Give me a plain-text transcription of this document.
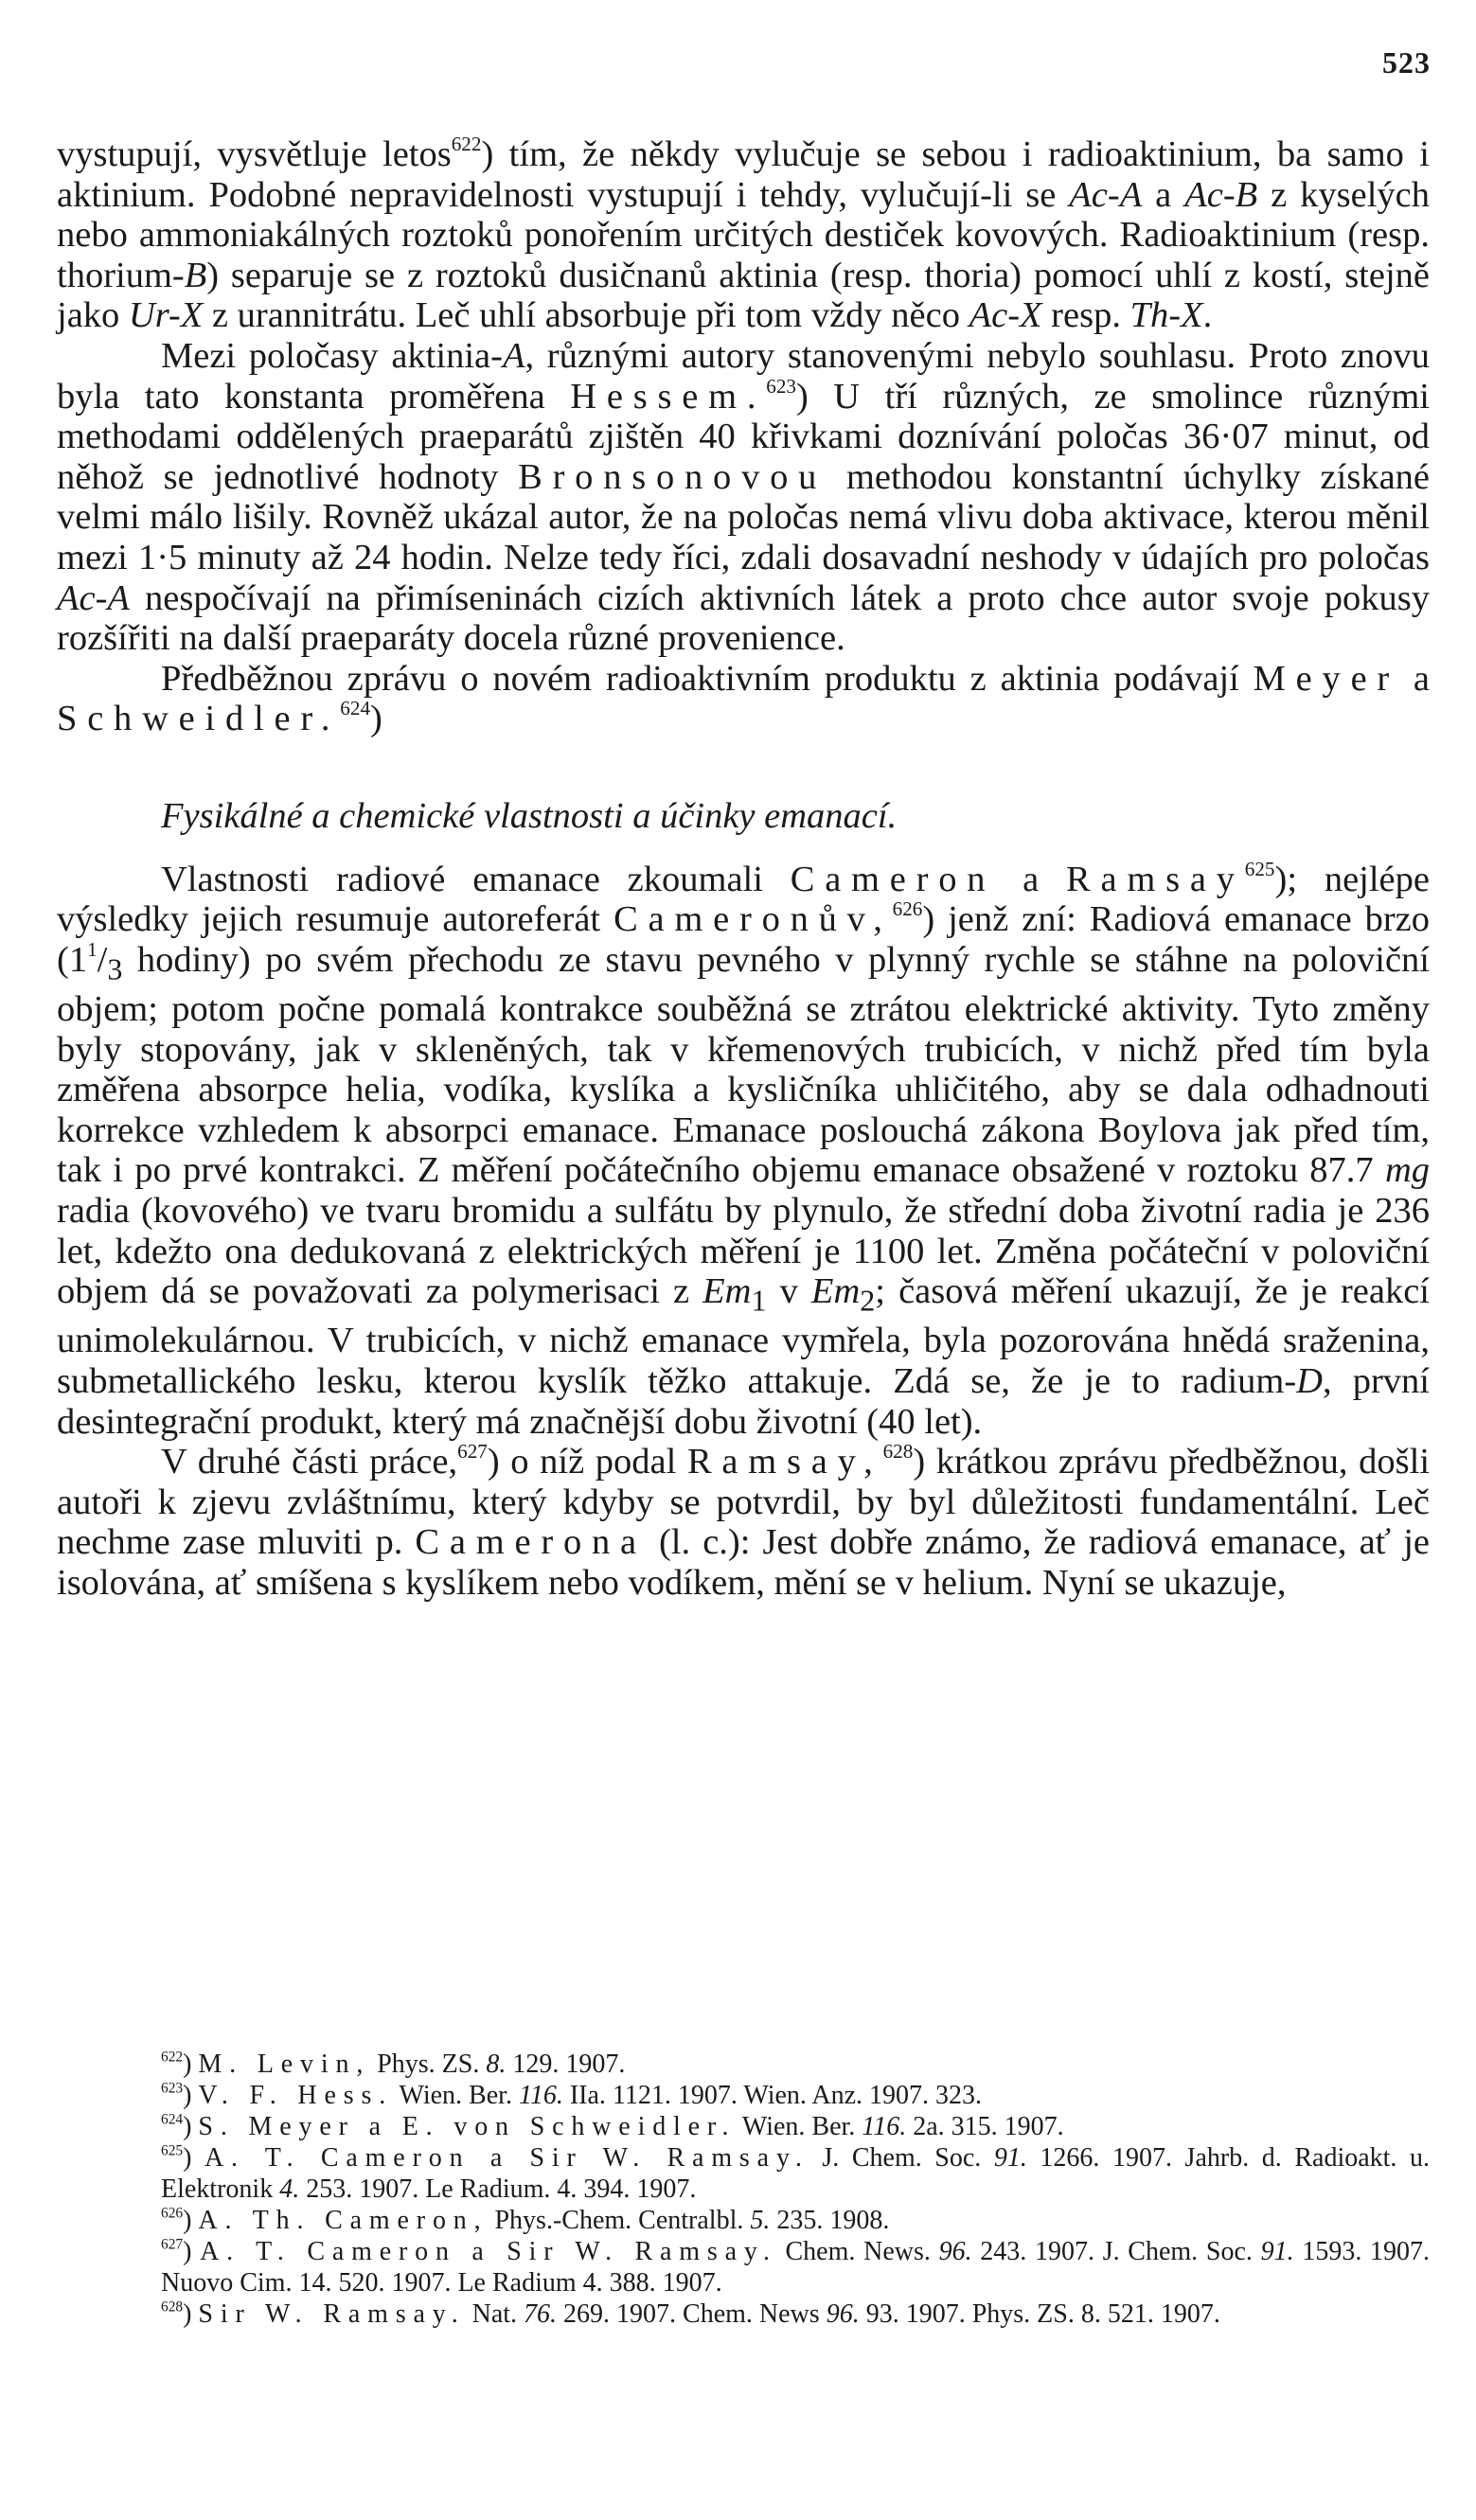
523

vystupují, vysvětluje letos$^{622}$) tím, že někdy vylučuje se sebou i radioaktinium, ba samo i aktinium. Podobné nepravidelnosti vystupují i tehdy, vylučují-li se Ac-A a Ac-B z kyselých nebo ammoniakálných roztoků ponořením určitých destiček kovových. Radioaktinium (resp. thorium-B) separuje se z roztoků dusičnanů aktinia (resp. thoria) pomocí uhlí z kostí, stejně jako Ur-X z urannitrátu. Leč uhlí absorbuje při tom vždy něco Ac-X resp. Th-X.

Mezi poločasy aktinia-A, různými autory stanovenými nebylo souhlasu. Proto znovu byla tato konstanta proměřena Hessem.$^{623}$) U tří různých, ze smolince různými methodami oddělených praeparátů zjištěn 40 křivkami doznívání poločas 36·07 minut, od něhož se jednotlivé hodnoty Bronsonovou methodou konstantní úchylky získané velmi málo lišily. Rovněž ukázal autor, že na poločas nemá vlivu doba aktivace, kterou měnil mezi 1·5 minuty až 24 hodin. Nelze tedy říci, zdali dosavadní neshody v údajích pro poločas Ac-A nespočívají na přimíseninách cizích aktivních látek a proto chce autor svoje pokusy rozšířiti na další praeparáty docela různé provenience.

Předběžnou zprávu o novém radioaktivním produktu z aktinia podávají Meyer a Schweidler.$^{624}$)

Fysikálné a chemické vlastnosti a účinky emanací.

Vlastnosti radiové emanace zkoumali Cameron a Ramsay$^{625}$); nejlépe výsledky jejich resumuje autoreferát Cameronův,$^{626}$) jenž zní: Radiová emanace brzo ($1^1/_3$ hodiny) po svém přechodu ze stavu pevného v plynný rychle se stáhne na poloviční objem; potom počne pomalá kontrakce souběžná se ztrátou elektrické aktivity. Tyto změny byly stopovány, jak v skleněných, tak v křemenových trubicích, v nichž před tím byla změřena absorpce helia, vodíka, kyslíka a kysličníka uhličitého, aby se dala odhadnouti korrekce vzhledem k absorpci emanace. Emanace poslouchá zákona Boylova jak před tím, tak i po prvé kontrakci. Z měření počátečního objemu emanace obsažené v roztoku 87.7 mg radia (kovového) ve tvaru bromidu a sulfátu by plynulo, že střední doba životní radia je 236 let, kdežto ona dedukovaná z elektrických měření je 1100 let. Změna počáteční v poloviční objem dá se považovati za polymerisaci z $Em_1$ v $Em_2$; časová měření ukazují, že je reakcí unimolekulárnou. V trubicích, v nichž emanace vymřela, byla pozorována hnědá sraženina, submetallického lesku, kterou kyslík těžko attakuje. Zdá se, že je to radium-D, první desintegrační produkt, který má značnější dobu životní (40 let).

V druhé části práce,$^{627}$) o níž podal Ramsay,$^{628}$) krátkou zprávu předběžnou, došli autoři k zjevu zvláštnímu, který kdyby se potvrdil, by byl důležitosti fundamentální. Leč nechme zase mluviti p. Camerona (l. c.): Jest dobře známo, že radiová emanace, ať je isolována, ať smíšena s kyslíkem nebo vodíkem, mění se v helium. Nyní se ukazuje,

$^{622}$) M. Levin, Phys. ZS. 8. 129. 1907.

$^{623}$) V. F. Hess. Wien. Ber. 116. IIa. 1121. 1907. Wien. Anz. 1907. 323.

$^{624}$) S. Meyer a E. von Schweidler. Wien. Ber. 116. 2a. 315. 1907.

$^{625}$) A. T. Cameron a Sir W. Ramsay. J. Chem. Soc. 91. 1266. 1907. Jahrb. d. Radioakt. u. Elektronik 4. 253. 1907. Le Radium. 4. 394. 1907.

$^{626}$) A. Th. Cameron, Phys.-Chem. Centralbl. 5. 235. 1908.

$^{627}$) A. T. Cameron a Sir W. Ramsay. Chem. News. 96. 243. 1907. J. Chem. Soc. 91. 1593. 1907. Nuovo Cim. 14. 520. 1907. Le Radium 4. 388. 1907.

$^{628}$) Sir W. Ramsay. Nat. 76. 269. 1907. Chem. News 96. 93. 1907. Phys. ZS. 8. 521. 1907.
